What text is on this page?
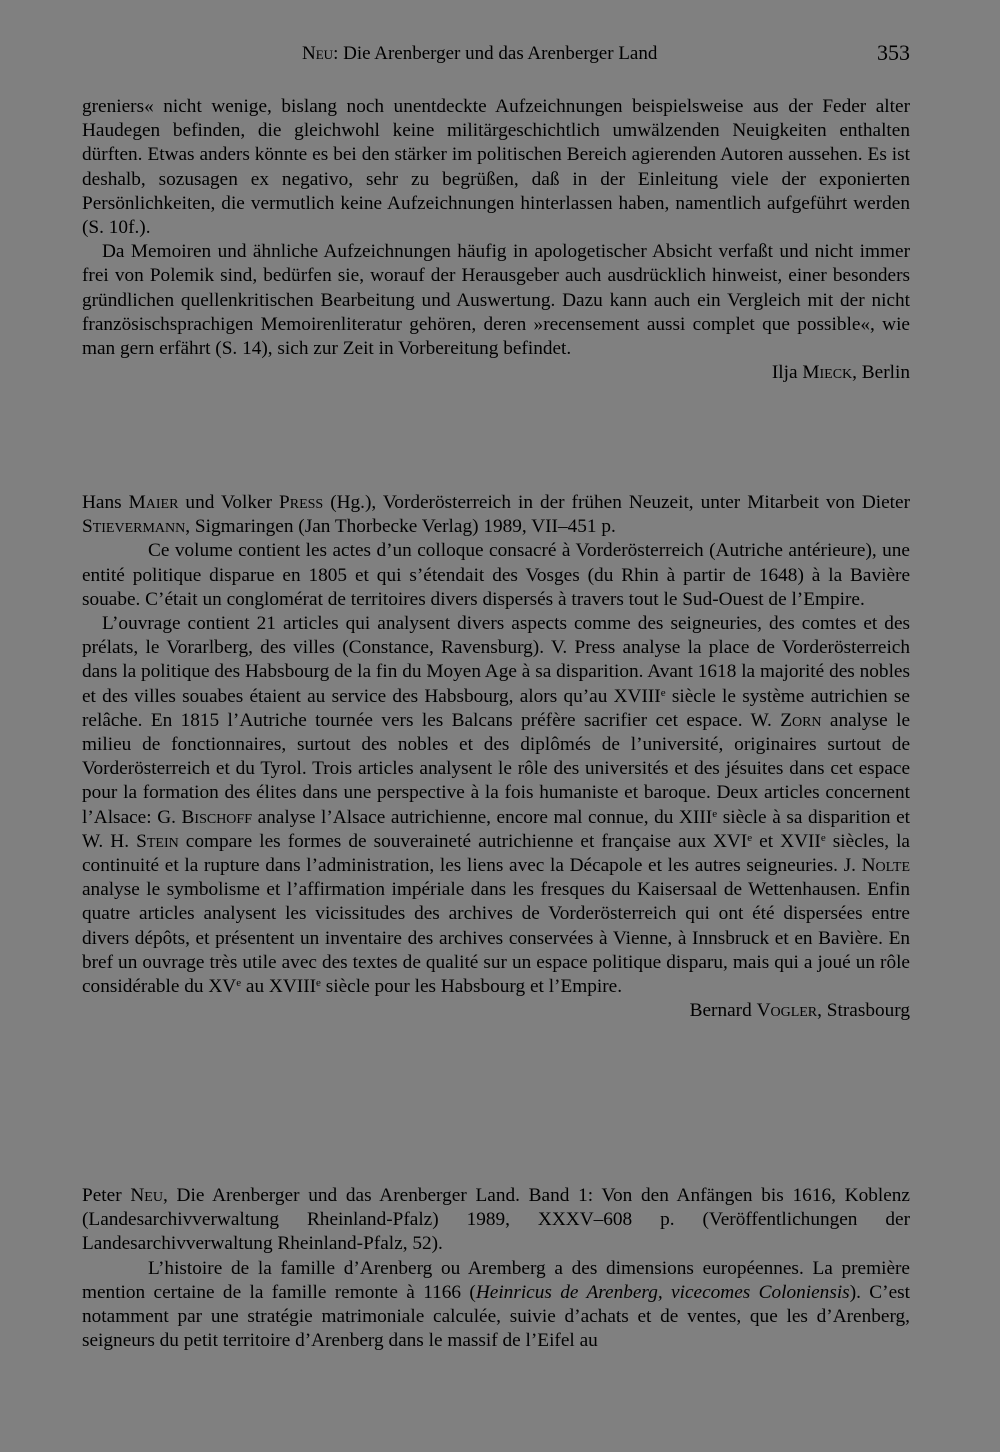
Neu: Die Arenberger und das Arenberger Land	353

greniers« nicht wenige, bislang noch unentdeckte Aufzeichnungen beispielsweise aus der Feder alter Haudegen befinden, die gleichwohl keine militärgeschichtlich umwälzenden Neuigkeiten enthalten dürften. Etwas anders könnte es bei den stärker im politischen Bereich agierenden Autoren aussehen. Es ist deshalb, sozusagen ex negativo, sehr zu begrüßen, daß in der Einleitung viele der exponierten Persönlichkeiten, die vermutlich keine Aufzeichnungen hinterlassen haben, namentlich aufgeführt werden (S. 10f.).

Da Memoiren und ähnliche Aufzeichnungen häufig in apologetischer Absicht verfaßt und nicht immer frei von Polemik sind, bedürfen sie, worauf der Herausgeber auch ausdrücklich hinweist, einer besonders gründlichen quellenkritischen Bearbeitung und Auswertung. Dazu kann auch ein Vergleich mit der nicht französischsprachigen Memoirenliteratur gehören, deren »recensement aussi complet que possible«, wie man gern erfährt (S. 14), sich zur Zeit in Vorbereitung befindet.

Ilja Mieck, Berlin

Hans Maier und Volker Press (Hg.), Vorderösterreich in der frühen Neuzeit, unter Mitarbeit von Dieter Stievermann, Sigmaringen (Jan Thorbecke Verlag) 1989, VII–451 p.

Ce volume contient les actes d’un colloque consacré à Vorderösterreich (Autriche antérieure), une entité politique disparue en 1805 et qui s’étendait des Vosges (du Rhin à partir de 1648) à la Bavière souabe. C’était un conglomérat de territoires divers dispersés à travers tout le Sud-Ouest de l’Empire.

L’ouvrage contient 21 articles qui analysent divers aspects comme des seigneuries, des comtes et des prélats, le Vorarlberg, des villes (Constance, Ravensburg). V. Press analyse la place de Vorderösterreich dans la politique des Habsbourg de la fin du Moyen Age à sa disparition. Avant 1618 la majorité des nobles et des villes souabes étaient au service des Habsbourg, alors qu’au XVIIIe siècle le système autrichien se relâche. En 1815 l’Autriche tournée vers les Balcans préfère sacrifier cet espace. W. Zorn analyse le milieu de fonctionnaires, surtout des nobles et des diplômés de l’université, originaires surtout de Vorderösterreich et du Tyrol. Trois articles analysent le rôle des universités et des jésuites dans cet espace pour la formation des élites dans une perspective à la fois humaniste et baroque. Deux articles concernent l’Alsace: G. Bischoff analyse l’Alsace autrichienne, encore mal connue, du XIIIe siècle à sa disparition et W. H. Stein compare les formes de souveraineté autrichienne et française aux XVIe et XVIIe siècles, la continuité et la rupture dans l’administration, les liens avec la Décapole et les autres seigneuries. J. Nolte analyse le symbolisme et l’affirmation impériale dans les fresques du Kaisersaal de Wettenhausen. Enfin quatre articles analysent les vicissitudes des archives de Vorderösterreich qui ont été dispersées entre divers dépôts, et présentent un inventaire des archives conservées à Vienne, à Innsbruck et en Bavière. En bref un ouvrage très utile avec des textes de qualité sur un espace politique disparu, mais qui a joué un rôle considérable du XVe au XVIIIe siècle pour les Habsbourg et l’Empire.

Bernard Vogler, Strasbourg

Peter Neu, Die Arenberger und das Arenberger Land. Band 1: Von den Anfängen bis 1616, Koblenz (Landesarchivverwaltung Rheinland-Pfalz) 1989, XXXV–608 p. (Veröffentlichungen der Landesarchivverwaltung Rheinland-Pfalz, 52).

L’histoire de la famille d’Arenberg ou Aremberg a des dimensions européennes. La première mention certaine de la famille remonte à 1166 (Heinricus de Arenberg, vicecomes Coloniensis). C’est notamment par une stratégie matrimoniale calculée, suivie d’achats et de ventes, que les d’Arenberg, seigneurs du petit territoire d’Arenberg dans le massif de l’Eifel au
